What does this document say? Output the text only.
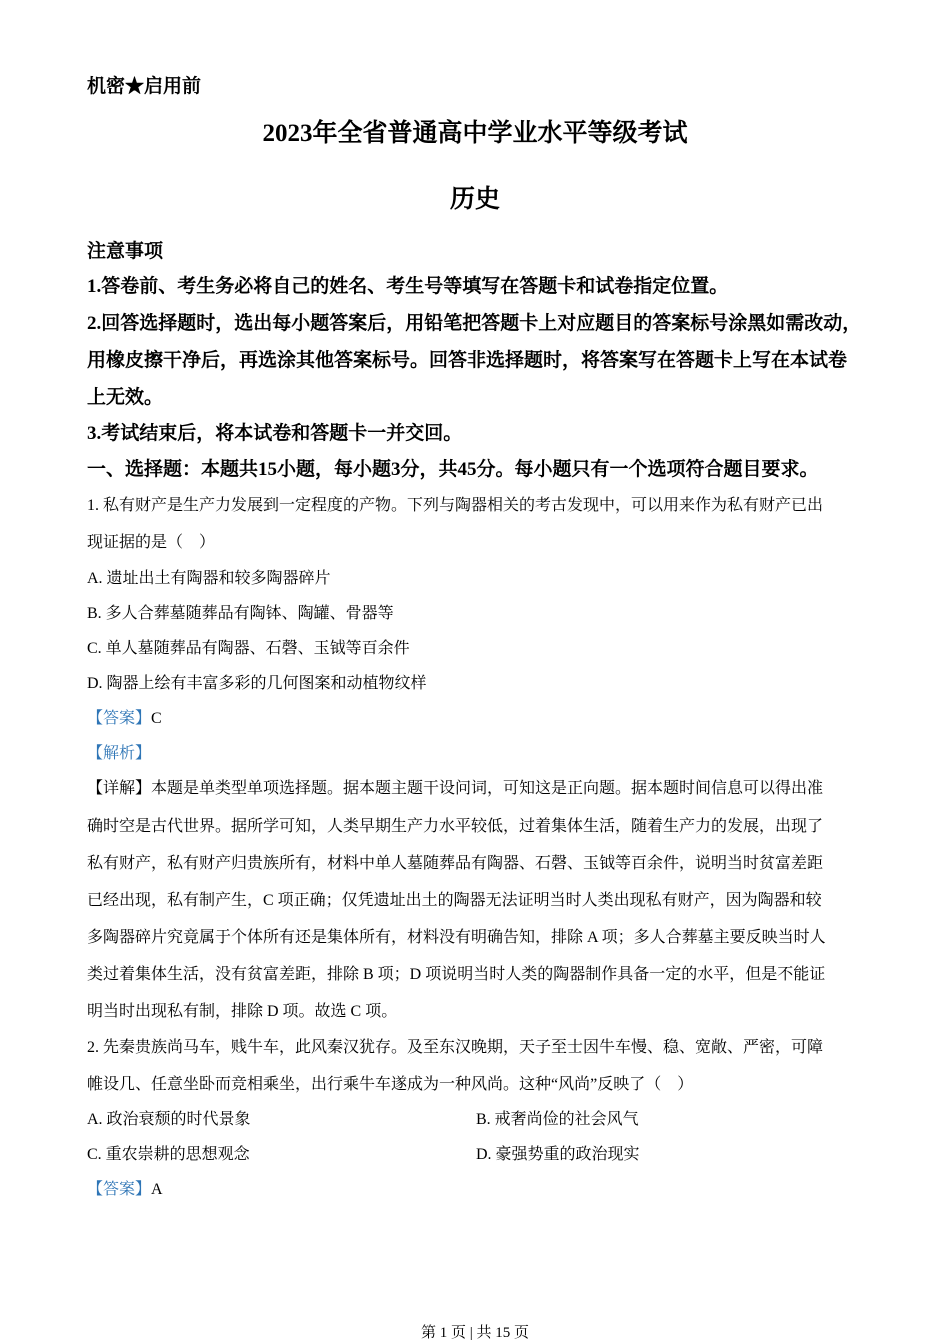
机密★启用前
2023年全省普通高中学业水平等级考试
历史
注意事项
1.答卷前、考生务必将自己的姓名、考生号等填写在答题卡和试卷指定位置。
2.回答选择题时，选出每小题答案后，用铅笔把答题卡上对应题目的答案标号涂黑如需改动，
用橡皮擦干净后，再选涂其他答案标号。回答非选择题时，将答案写在答题卡上写在本试卷
上无效。
3.考试结束后，将本试卷和答题卡一并交回。
一、选择题：本题共15小题，每小题3分，共45分。每小题只有一个选项符合题目要求。
1. 私有财产是生产力发展到一定程度的产物。下列与陶器相关的考古发现中，可以用来作为私有财产已出
现证据的是（　）
A. 遗址出土有陶器和较多陶器碎片
B. 多人合葬墓随葬品有陶钵、陶罐、骨器等
C. 单人墓随葬品有陶器、石磬、玉钺等百余件
D. 陶器上绘有丰富多彩的几何图案和动植物纹样
【答案】C
【解析】
【详解】本题是单类型单项选择题。据本题主题干设问词，可知这是正向题。据本题时间信息可以得出准
确时空是古代世界。据所学可知，人类早期生产力水平较低，过着集体生活，随着生产力的发展，出现了
私有财产，私有财产归贵族所有，材料中单人墓随葬品有陶器、石磬、玉钺等百余件，说明当时贫富差距
已经出现，私有制产生，C 项正确；仅凭遗址出土的陶器无法证明当时人类出现私有财产，因为陶器和较
多陶器碎片究竟属于个体所有还是集体所有，材料没有明确告知，排除 A 项；多人合葬墓主要反映当时人
类过着集体生活，没有贫富差距，排除 B 项；D 项说明当时人类的陶器制作具备一定的水平，但是不能证
明当时出现私有制，排除 D 项。故选 C 项。
2. 先秦贵族尚马车，贱牛车，此风秦汉犹存。及至东汉晚期，天子至士因牛车慢、稳、宽敞、严密，可障
帷设几、任意坐卧而竞相乘坐，出行乘牛车遂成为一种风尚。这种“风尚”反映了（　）
A. 政治衰颓的时代景象	B. 戒奢尚俭的社会风气
C. 重农崇耕的思想观念	D. 豪强势重的政治现实
【答案】A
第 1 页 | 共 15 页
